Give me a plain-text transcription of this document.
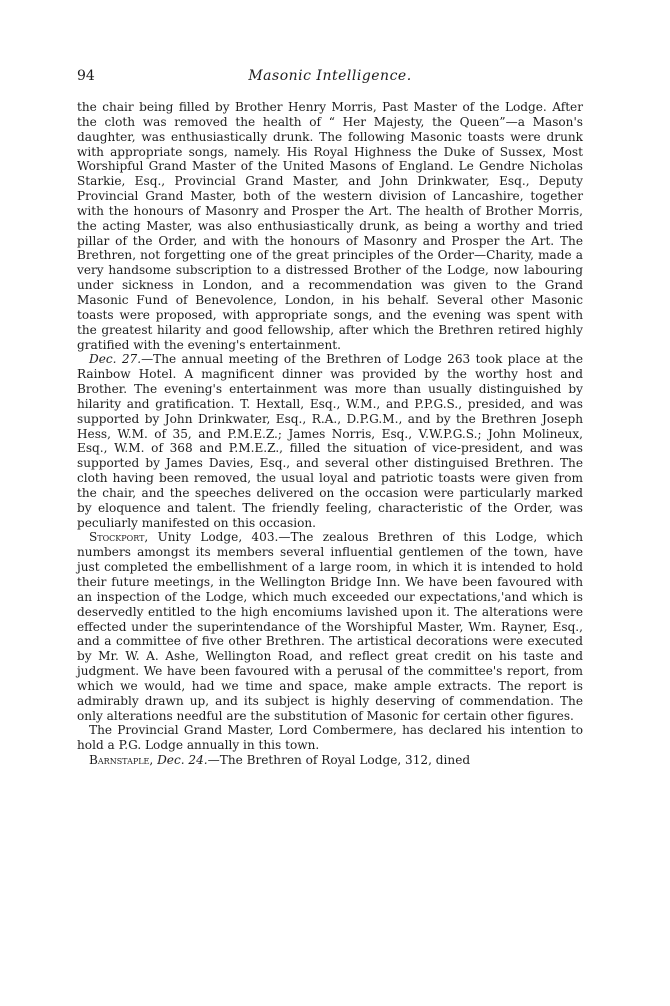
94	Masonic Intelligence.

the chair being filled by Brother Henry Morris, Past Master of the Lodge. After the cloth was removed the health of “ Her Majesty, the Queen”—a Mason's daughter, was enthusiastically drunk. The following Masonic toasts were drunk with appropriate songs, namely. His Royal Highness the Duke of Sussex, Most Worshipful Grand Master of the United Masons of England. Le Gendre Nicholas Starkie, Esq., Provincial Grand Master, and John Drinkwater, Esq., Deputy Provincial Grand Master, both of the western division of Lancashire, together with the honours of Masonry and Prosper the Art. The health of Brother Morris, the acting Master, was also enthusiastically drunk, as being a worthy and tried pillar of the Order, and with the honours of Masonry and Prosper the Art. The Brethren, not forgetting one of the great principles of the Order—Charity, made a very handsome subscription to a distressed Brother of the Lodge, now labouring under sickness in London, and a recommendation was given to the Grand Masonic Fund of Benevolence, London, in his behalf. Several other Masonic toasts were proposed, with appropriate songs, and the evening was spent with the greatest hilarity and good fellowship, after which the Brethren retired highly gratified with the evening's entertainment.

Dec. 27.—The annual meeting of the Brethren of Lodge 263 took place at the Rainbow Hotel. A magnificent dinner was provided by the worthy host and Brother. The evening's entertainment was more than usually distinguished by hilarity and gratification. T. Hextall, Esq., W.M., and P.P.G.S., presided, and was supported by John Drinkwater, Esq., R.A., D.P.G.M., and by the Brethren Joseph Hess, W.M. of 35, and P.M.E.Z.; James Norris, Esq., V.W.P.G.S.; John Molineux, Esq., W.M. of 368 and P.M.E.Z., filled the situation of vice-president, and was supported by James Davies, Esq., and several other distinguised Brethren. The cloth having been removed, the usual loyal and patriotic toasts were given from the chair, and the speeches delivered on the occasion were particularly marked by eloquence and talent. The friendly feeling, characteristic of the Order, was peculiarly manifested on this occasion.

Stockport, Unity Lodge, 403.—The zealous Brethren of this Lodge, which numbers amongst its members several influential gentlemen of the town, have just completed the embellishment of a large room, in which it is intended to hold their future meetings, in the Wellington Bridge Inn. We have been favoured with an inspection of the Lodge, which much exceeded our expectations,'and which is deservedly entitled to the high encomiums lavished upon it. The alterations were effected under the superintendance of the Worshipful Master, Wm. Rayner, Esq., and a committee of five other Brethren. The artistical decorations were executed by Mr. W. A. Ashe, Wellington Road, and reflect great credit on his taste and judgment. We have been favoured with a perusal of the committee's report, from which we would, had we time and space, make ample extracts. The report is admirably drawn up, and its subject is highly deserving of commendation. The only alterations needful are the substitution of Masonic for certain other figures.

The Provincial Grand Master, Lord Combermere, has declared his intention to hold a P.G. Lodge annually in this town.

Barnstaple, Dec. 24.—The Brethren of Royal Lodge, 312, dined
